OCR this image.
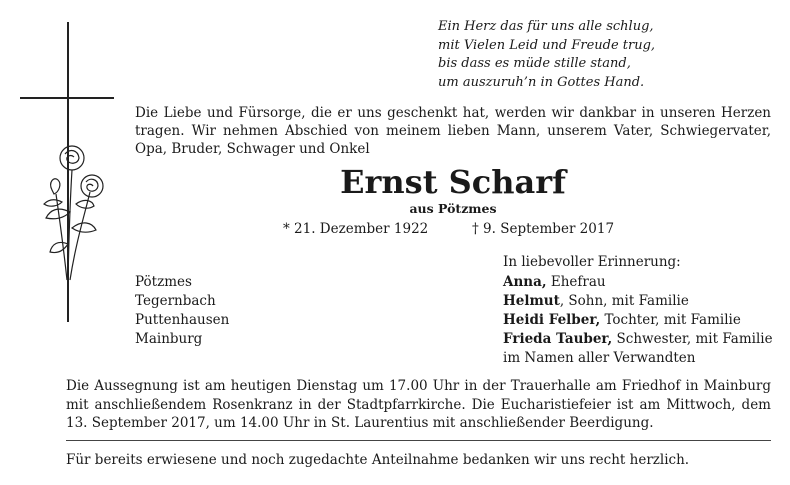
Ein Herz das für uns alle schlug,
mit Vielen Leid und Freude trug,
bis dass es müde stille stand,
um auszuruh’n in Gottes Hand.
Die Liebe und Fürsorge, die er uns geschenkt hat, werden wir dankbar in unseren Herzen tragen. Wir nehmen Abschied von meinem lieben Mann, unserem Vater, Schwiegervater, Opa, Bruder, Schwager und Onkel
Ernst Scharf
aus Pötzmes
* 21. Dezember 1922	† 9. September 2017
In liebevoller Erinnerung:
Pötzmes
Tegernbach
Puttenhausen
Mainburg
Anna, Ehefrau
Helmut, Sohn, mit Familie
Heidi Felber, Tochter, mit Familie
Frieda Tauber, Schwester, mit Familie
im Namen aller Verwandten
Die Aussegnung ist am heutigen Dienstag um 17.00 Uhr in der Trauerhalle am Friedhof in Mainburg mit anschließendem Rosenkranz in der Stadtpfarrkirche. Die Eucharistiefeier ist am Mittwoch, dem 13. September 2017, um 14.00 Uhr in St. Laurentius mit anschließender Beerdigung.
Für bereits erwiesene und noch zugedachte Anteilnahme bedanken wir uns recht herzlich.
